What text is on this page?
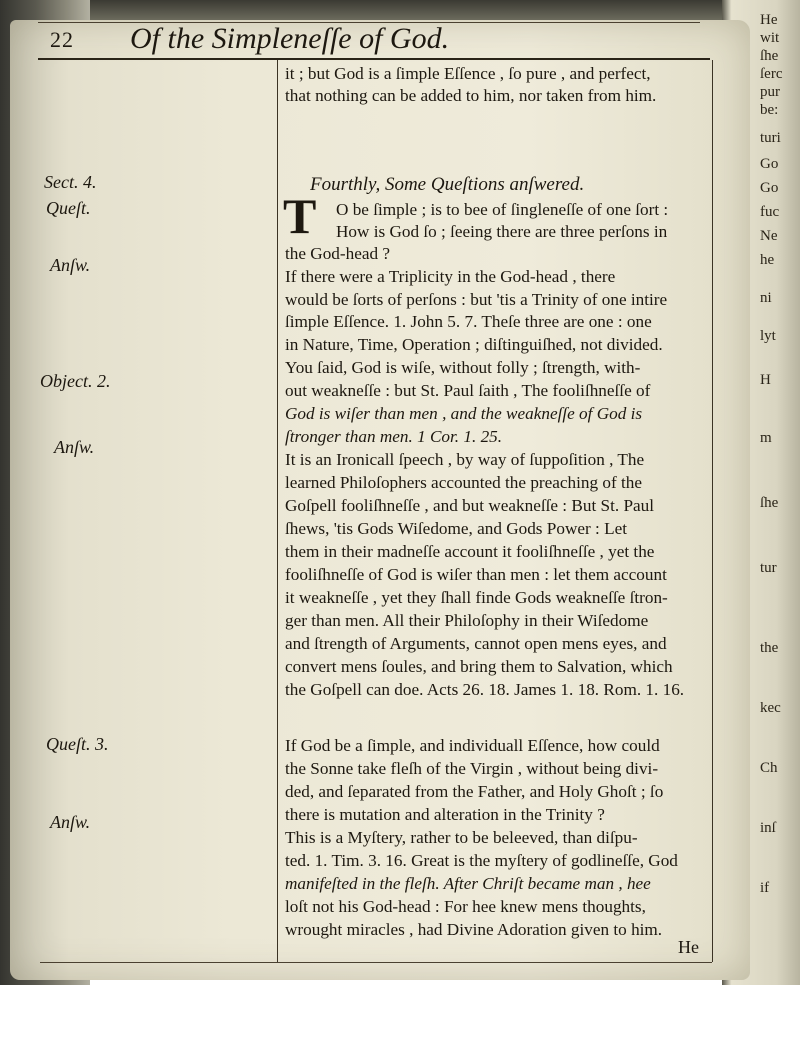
22 Of the Simpleneſſe of God.
Sect. 4.
Queſt.
Anſw.
Object. 2.
Anſw.
Queſt. 3.
Anſw.
it ; but God is a ſimple Eſſence , ſo pure , and perfect,
that nothing can be added to him, nor taken from him.
Fourthly, Some Queſtions anſwered.
T O be ſimple ; is to bee of ſingleneſſe of one ſort :
How is God ſo ; ſeeing there are three perſons in
the God-head ?
If there were a Triplicity in the God-head , there
would be ſorts of perſons : but 'tis a Trinity of one intire
ſimple Eſſence. 1. John 5. 7. Theſe three are one : one
in Nature, Time, Operation ; diſtinguiſhed, not divided.
You ſaid, God is wiſe, without folly ; ſtrength, with-
out weakneſſe : but St. Paul ſaith , The fooliſhneſſe of
God is wiſer than men , and the weakneſſe of God is
ſtronger than men. 1 Cor. 1. 25.
It is an Ironicall ſpeech , by way of ſuppoſition , The
learned Philoſophers accounted the preaching of the
Goſpell fooliſhneſſe , and but weakneſſe : But St. Paul
ſhews, 'tis Gods Wiſedome, and Gods Power : Let
them in their madneſſe account it fooliſhneſſe , yet the
fooliſhneſſe of God is wiſer than men : let them account
it weakneſſe , yet they ſhall finde Gods weakneſſe ſtron-
ger than men. All their Philoſophy in their Wiſedome
and ſtrength of Arguments, cannot open mens eyes, and
convert mens ſoules, and bring them to Salvation, which
the Goſpell can doe. Acts 26. 18. James 1. 18. Rom. 1. 16.
If God be a ſimple, and individuall Eſſence, how could
the Sonne take fleſh of the Virgin , without being divi-
ded, and ſeparated from the Father, and Holy Ghoſt ; ſo
there is mutation and alteration in the Trinity ?
This is a Myſtery, rather to be beleeved, than diſpu-
ted. 1. Tim. 3. 16. Great is the myſtery of godlineſſe, God
manifeſted in the fleſh. After Chriſt became man , hee
loſt not his God-head : For hee knew mens thoughts,
wrought miracles , had Divine Adoration given to him.
He
He
wit
ſhe
ſerc
pur
be:
turi
Go
Go
fuc
Ne
he
ni
lyt
H
m
ſhe
tur
the
kec
Ch
inſ
if
